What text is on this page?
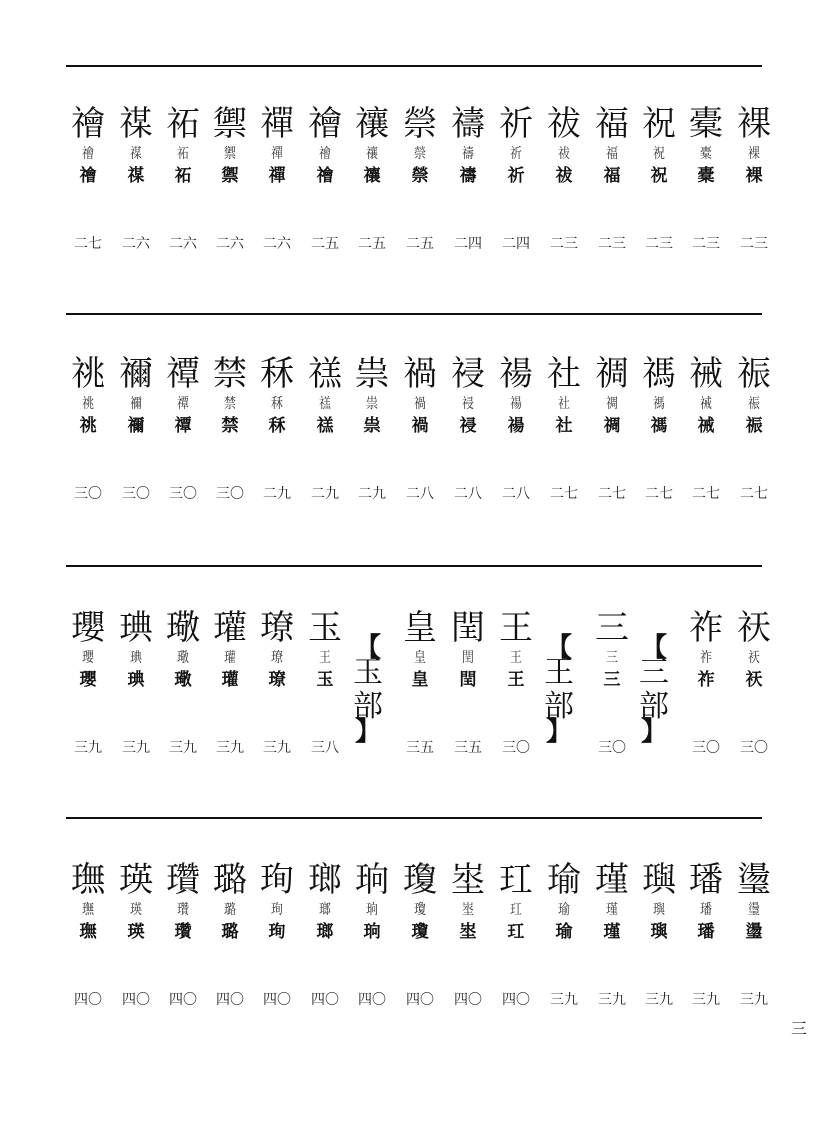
禬
禬
禬
二七
禖
禖
禖
二六
祏
祏
祏
二六
禦
禦
禦
二六
禪
禪
禪
二六
禬
禬
禬
二五
禳
禳
禳
二五
禜
禜
禜
二五
禱
禱
禱
二四
祈
祈
祈
二四
祓
祓
祓
二三
福
福
福
二三
祝
祝
祝
二三
橐
橐
橐
二三
裸
裸
裸
二三
祧
祧
祧
三〇
禰
禰
禰
三〇
禫
禫
禫
三〇
禁
禁
禁
三〇
秝
秝
秝
二九
禚
禚
禚
二九
祟
祟
祟
二九
禍
禍
禍
二八
祲
祲
祲
二八
禓
禓
禓
二八
社
社
社
二七
禂
禂
禂
二七
禡
禡
禡
二七
祴
祴
祴
二七
祳
祳
祳
二七
瓔
瓔
瓔
三九
琠
琠
琠
三九
璥
璥
璥
三九
瓘
瓘
瓘
三九
璙
璙
璙
三九
玉
王
玉
三八
皇
皇
皇
三五
閏
閏
閏
三五
王
王
王
三〇
三
三
三
三〇
祚
祚
祚
三〇
祆
祆
祆
三〇
璑
璑
璑
四〇
瑛
瑛
瑛
四〇
瓚
瓚
瓚
四〇
璐
璐
璐
四〇
珣
珣
珣
四〇
瑯
瑯
瑯
四〇
珦
珦
珦
四〇
瓊
瓊
瓊
四〇
埊
埊
埊
四〇
玒
玒
玒
四〇
瑜
瑜
瑜
三九
瑾
瑾
瑾
三九
璵
璵
璵
三九
璠
璠
璠
三九
璗
璗
璗
三九
【
玉部
】
【
王部
】
【
三部
】
三
